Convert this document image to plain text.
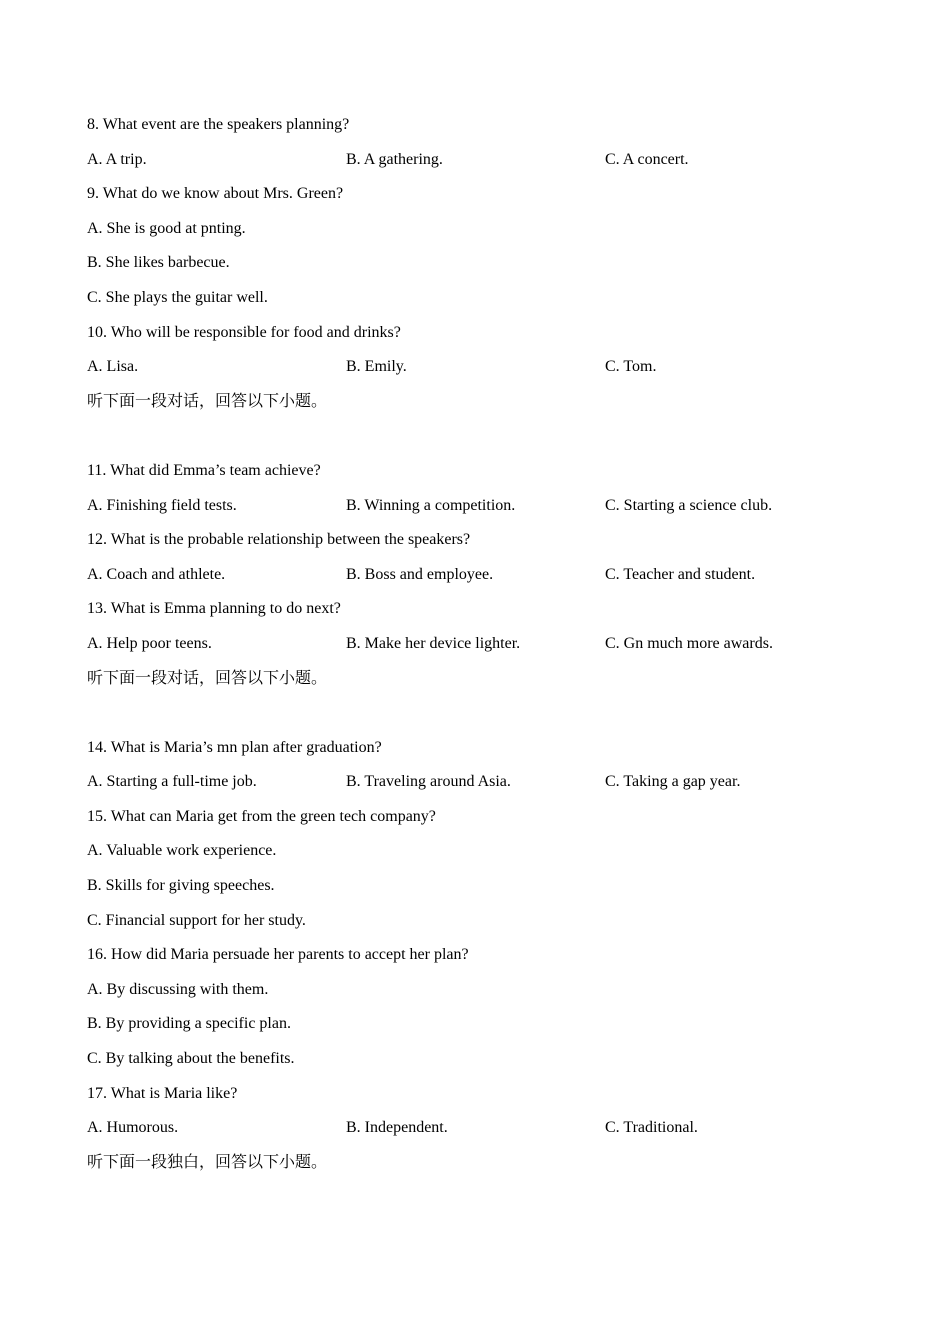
8. What event are the speakers planning?
A. A trip.	B. A gathering.	C. A concert.
9. What do we know about Mrs. Green?
A. She is good at pnting.
B. She likes barbecue.
C. She plays the guitar well.
10. Who will be responsible for food and drinks?
A. Lisa.	B. Emily.	C. Tom.
听下面一段对话，回答以下小题。
11. What did Emma’s team achieve?
A. Finishing field tests.	B. Winning a competition.	C. Starting a science club.
12. What is the probable relationship between the speakers?
A. Coach and athlete.	B. Boss and employee.	C. Teacher and student.
13. What is Emma planning to do next?
A. Help poor teens.	B. Make her device lighter.	C. Gn much more awards.
听下面一段对话，回答以下小题。
14. What is Maria’s mn plan after graduation?
A. Starting a full-time job.	B. Traveling around Asia.	C. Taking a gap year.
15. What can Maria get from the green tech company?
A. Valuable work experience.
B. Skills for giving speeches.
C. Financial support for her study.
16. How did Maria persuade her parents to accept her plan?
A. By discussing with them.
B. By providing a specific plan.
C. By talking about the benefits.
17. What is Maria like?
A. Humorous.	B. Independent.	C. Traditional.
听下面一段独白，回答以下小题。
